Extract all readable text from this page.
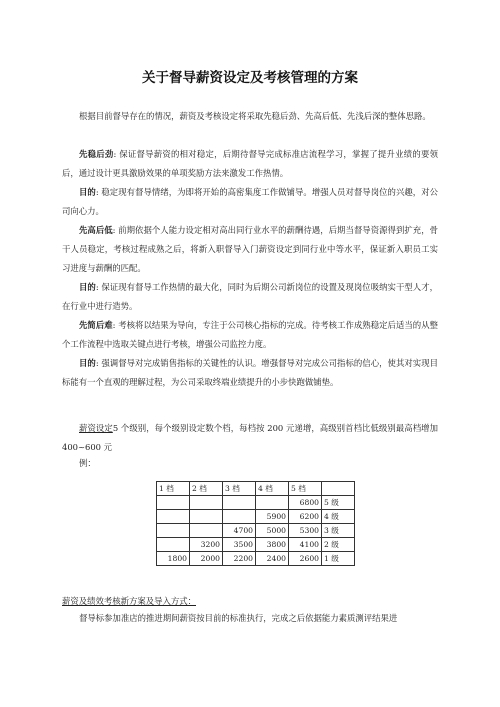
关于督导薪资设定及考核管理的方案
根据目前督导存在的情况，薪资及考核设定将采取先稳后劲、先高后低、先浅后深的整体思路。
先稳后劲: 保证督导薪资的相对稳定，后期待督导完成标准店流程学习，掌握了提升业绩的要领后，通过设计更具激励效果的单项奖励方法来激发工作热情。
目的: 稳定现有督导情绪，为即将开始的高密集度工作做铺导。增强人员对督导岗位的兴趣，对公司向心力。
先高后低: 前期依据个人能力设定相对高出同行业水平的薪酬待遇，后期当督导资源得到扩充，骨干人员稳定，考核过程成熟之后，将新入职督导入门薪资设定到同行业中等水平，保证新入职员工实习进度与薪酬的匹配。
目的: 保证现有督导工作热情的最大化，同时为后期公司新岗位的设置及现岗位吸纳实干型人才，在行业中进行造势。
先简后难: 考核将以结果为导向，专注于公司核心指标的完成。待考核工作成熟稳定后适当的从整个工作流程中选取关键点进行考核，增强公司监控力度。
目的: 强调督导对完成销售指标的关键性的认识。增强督导对完成公司指标的信心，使其对实现目标能有一个直观的理解过程，为公司采取终端业绩提升的小步快跑做铺垫。
薪资设定5 个级别，每个级别设定数个档，每档按 200 元递增，高级别首档比低级别最高档增加 400~600 元
例：
1 档	2 档	3 档	4 档	5 档	
				6800	5 级
			5900	6200	4 级
		4700	5000	5300	3 级
	3200	3500	3800	4100	2 级
1800	2000	2200	2400	2600	1 级
薪资及绩效考核新方案及导入方式：
督导标参加准店的推进期间薪资按目前的标准执行，完成之后依据能力素质测评结果进
